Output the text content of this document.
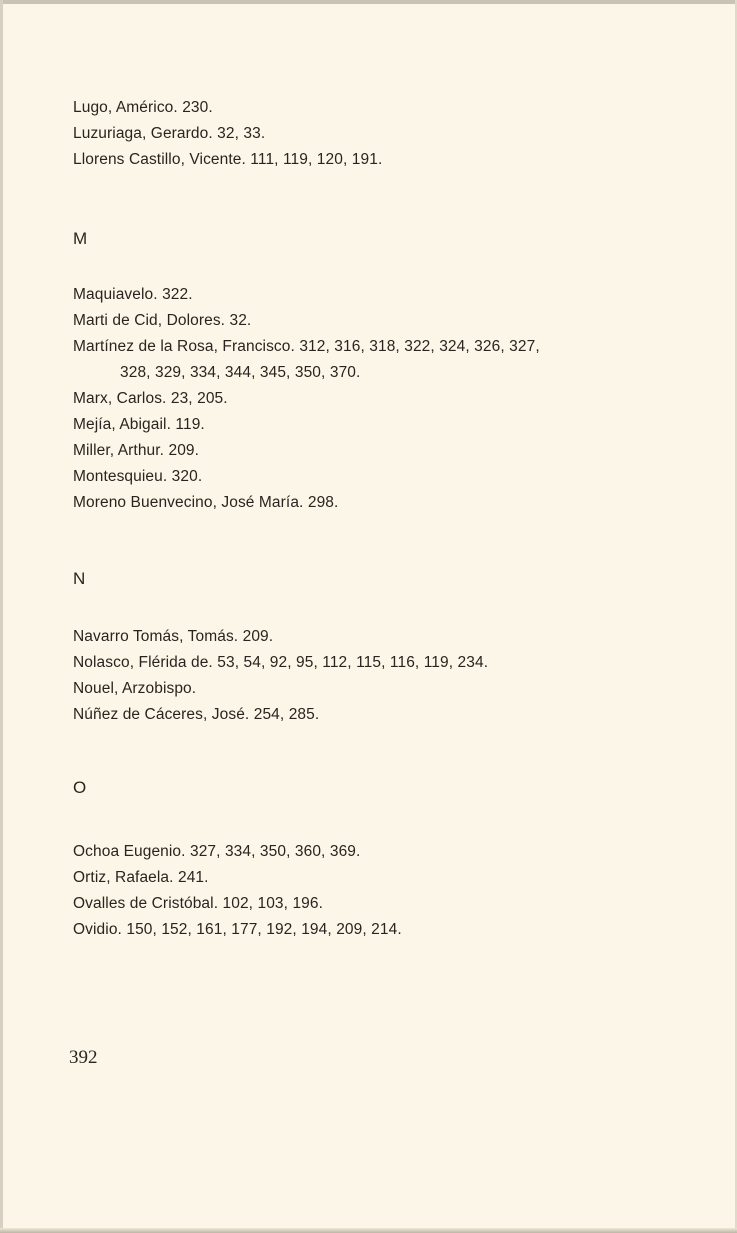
Lugo, Américo. 230.
Luzuriaga, Gerardo. 32, 33.
Llorens Castillo, Vicente. 111, 119, 120, 191.
M
Maquiavelo. 322.
Marti de Cid, Dolores. 32.
Martínez de la Rosa, Francisco. 312, 316, 318, 322, 324, 326, 327,
328, 329, 334, 344, 345, 350, 370.
Marx, Carlos. 23, 205.
Mejía, Abigail. 119.
Miller, Arthur. 209.
Montesquieu. 320.
Moreno Buenvecino, José María. 298.
N
Navarro Tomás, Tomás. 209.
Nolasco, Flérida de. 53, 54, 92, 95, 112, 115, 116, 119, 234.
Nouel, Arzobispo.
Núñez de Cáceres, José. 254, 285.
O
Ochoa Eugenio. 327, 334, 350, 360, 369.
Ortiz, Rafaela. 241.
Ovalles de Cristóbal. 102, 103, 196.
Ovidio. 150, 152, 161, 177, 192, 194, 209, 214.
392
